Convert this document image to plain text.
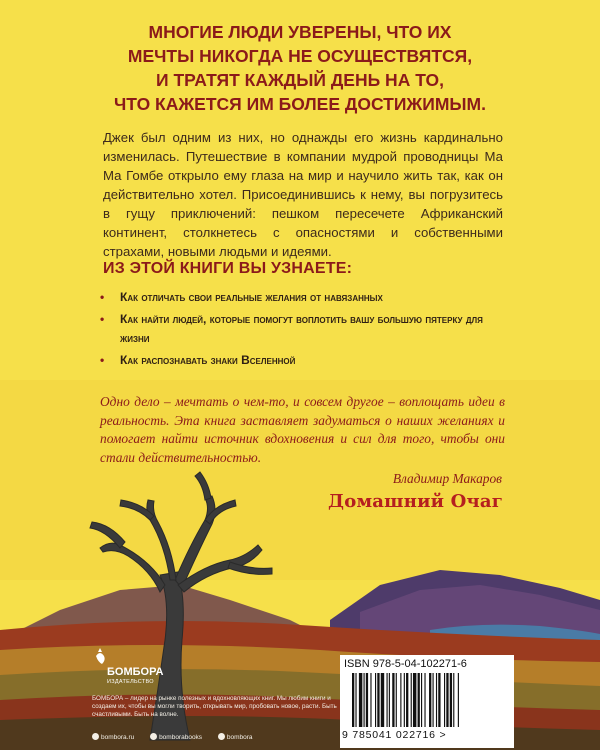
МНОГИЕ ЛЮДИ УВЕРЕНЫ, ЧТО ИХ
МЕЧТЫ НИКОГДА НЕ ОСУЩЕСТВЯТСЯ,
И ТРАТЯТ КАЖДЫЙ ДЕНЬ НА ТО,
ЧТО КАЖЕТСЯ ИМ БОЛЕЕ ДОСТИЖИМЫМ.

Джек был одним из них, но однажды его жизнь кардинально изменилась. Путешествие в компании мудрой проводницы Ма Ма Гомбе открыло ему глаза на мир и научило жить так, как он действительно хотел. Присоединившись к нему, вы погрузитесь в гущу приключений: пешком пересечете Африканский континент, столкнетесь с опасностями и собственными страхами, новыми людьми и идеями.

ИЗ ЭТОЙ КНИГИ ВЫ УЗНАЕТЕ:
• Как отличать свои реальные желания от навязанных
• Как найти людей, которые помогут воплотить вашу большую пятерку для жизни
• Как распознавать знаки Вселенной
Одно дело – мечтать о чем-то, и совсем другое – воплощать идеи в реальность. Эта книга заставляет задуматься о наших желаниях и помогает найти источник вдохновения и сил для того, чтобы они стали действительностью.
Владимир Макаров
Домашний Очаг
БОМБОРА
ИЗДАТЕЛЬСТВО
БОМБОРА – лидер на рынке полезных и вдохновляющих книг. Мы любим книги и создаем их, чтобы вы могли творить, открывать мир, пробовать новое, расти. Быть счастливыми. Быть на волне.
bombora.ru	bomborabooks	bombora
ISBN 978-5-04-102271-6
9 785041 022716 >
